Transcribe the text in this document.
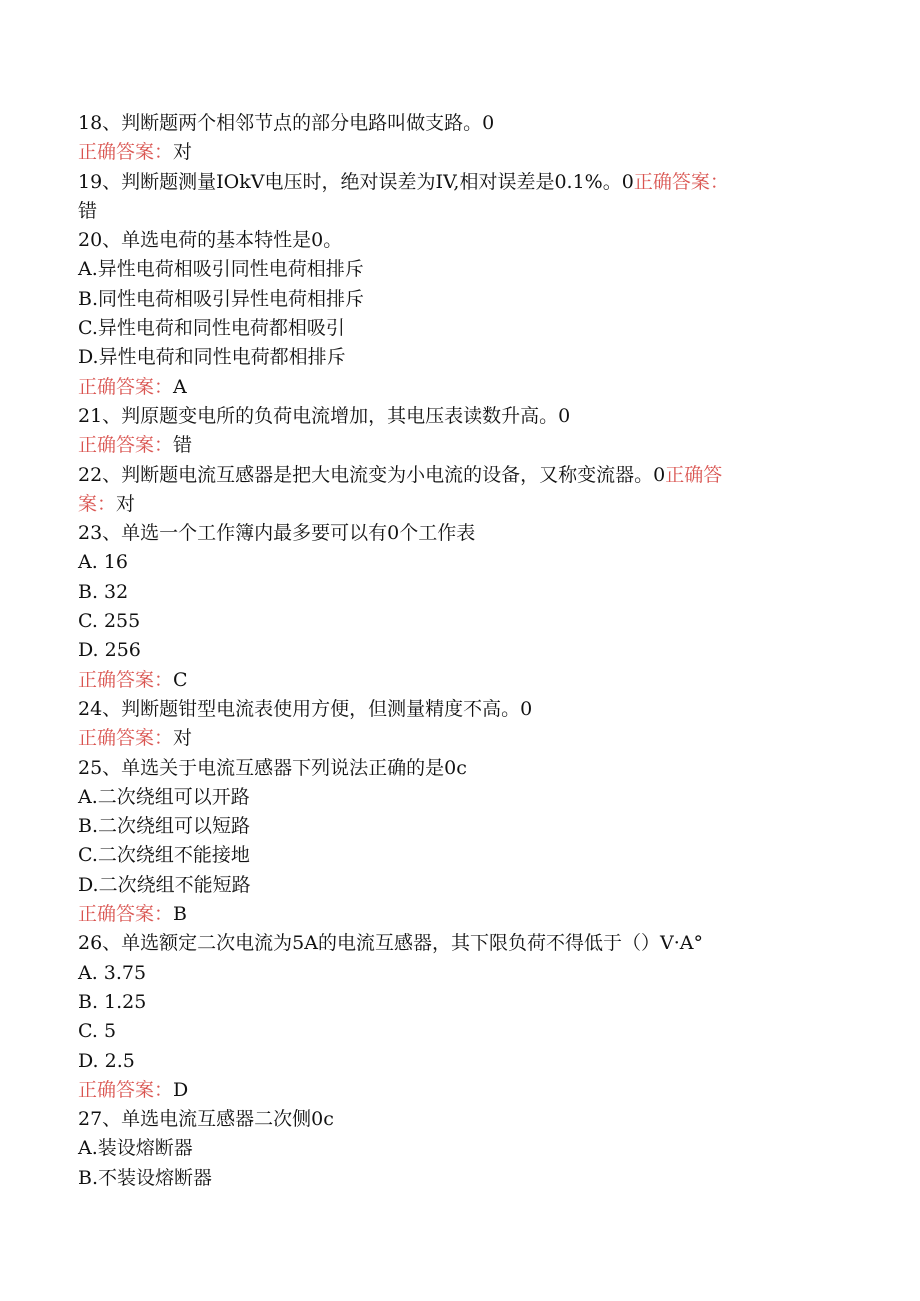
18、判断题两个相邻节点的部分电路叫做支路。0
正确答案：对
19、判断题测量IOkV电压时，绝对误差为IV,相对误差是0.1%。0正确答案：
错
20、单选电荷的基本特性是0。
A.异性电荷相吸引同性电荷相排斥
B.同性电荷相吸引异性电荷相排斥
C.异性电荷和同性电荷都相吸引
D.异性电荷和同性电荷都相排斥
正确答案：A
21、判原题变电所的负荷电流增加，其电压表读数升高。0
正确答案：错
22、判断题电流互感器是把大电流变为小电流的设备，又称变流器。0正确答
案：对
23、单选一个工作簿内最多要可以有0个工作表
A. 16
B. 32
C. 255
D. 256
正确答案：C
24、判断题钳型电流表使用方便，但测量精度不高。0
正确答案：对
25、单选关于电流互感器下列说法正确的是0c
A.二次绕组可以开路
B.二次绕组可以短路
C.二次绕组不能接地
D.二次绕组不能短路
正确答案：B
26、单选额定二次电流为5A的电流互感器，其下限负荷不得低于（）V·A°
A. 3.75
B. 1.25
C. 5
D. 2.5
正确答案：D
27、单选电流互感器二次侧0c
A.装设熔断器
B.不装设熔断器
